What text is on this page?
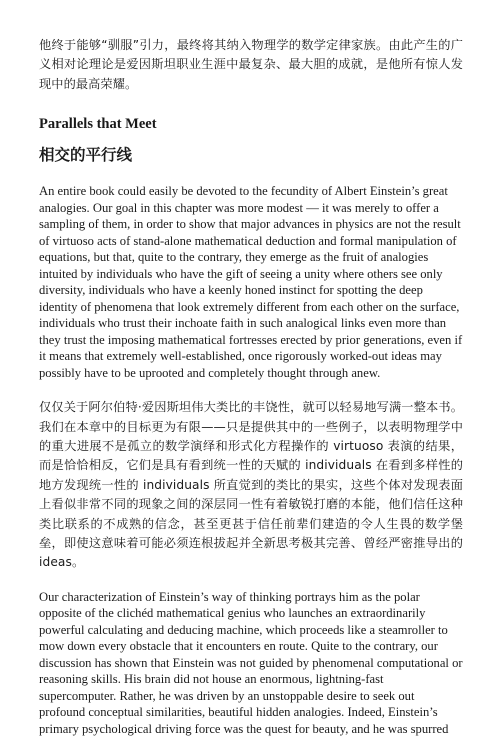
他终于能够“驯服”引力，最终将其纳入物理学的数学定律家族。由此产生的广义相对论理论是爱因斯坦职业生涯中最复杂、最大胆的成就，是他所有惊人发现中的最高荣耀。

Parallels that Meet
相交的平行线

An entire book could easily be devoted to the fecundity of Albert Einstein’s great analogies. Our goal in this chapter was more modest — it was merely to offer a sampling of them, in order to show that major advances in physics are not the result of virtuoso acts of stand-alone mathematical deduction and formal manipulation of equations, but that, quite to the contrary, they emerge as the fruit of analogies intuited by individuals who have the gift of seeing a unity where others see only diversity, individuals who have a keenly honed instinct for spotting the deep identity of phenomena that look extremely different from each other on the surface, individuals who trust their inchoate faith in such analogical links even more than they trust the imposing mathematical fortresses erected by prior generations, even if it means that extremely well-established, once rigorously worked-out ideas may possibly have to be uprooted and completely thought through anew.

仅仅关于阿尔伯特·爱因斯坦伟大类比的丰饶性，就可以轻易地写满一整本书。我们在本章中的目标更为有限——只是提供其中的一些例子，以表明物理学中的重大进展不是孤立的数学演绎和形式化方程操作的 virtuoso 表演的结果，而是恰恰相反，它们是具有看到统一性的天赋的 individuals 在看到多样性的地方发现统一性的 individuals 所直觉到的类比的果实，这些个体对发现表面上看似非常不同的现象之间的深层同一性有着敏锐打磨的本能，他们信任这种类比联系的不成熟的信念，甚至更甚于信任前辈们建造的令人生畏的数学堡垒，即使这意味着可能必须连根拔起并全新思考极其完善、曾经严密推导出的 ideas。

Our characterization of Einstein’s way of thinking portrays him as the polar opposite of the clichéd mathematical genius who launches an extraordinarily powerful calculating and deducing machine, which proceeds like a steamroller to mow down every obstacle that it encounters en route. Quite to the contrary, our discussion has shown that Einstein was not guided by phenomenal computational or reasoning skills. His brain did not house an enormous, lightning-fast supercomputer. Rather, he was driven by an unstoppable desire to seek out profound conceptual similarities, beautiful hidden analogies. Indeed, Einstein’s primary psychological driving force was the quest for beauty, and he was spurred
